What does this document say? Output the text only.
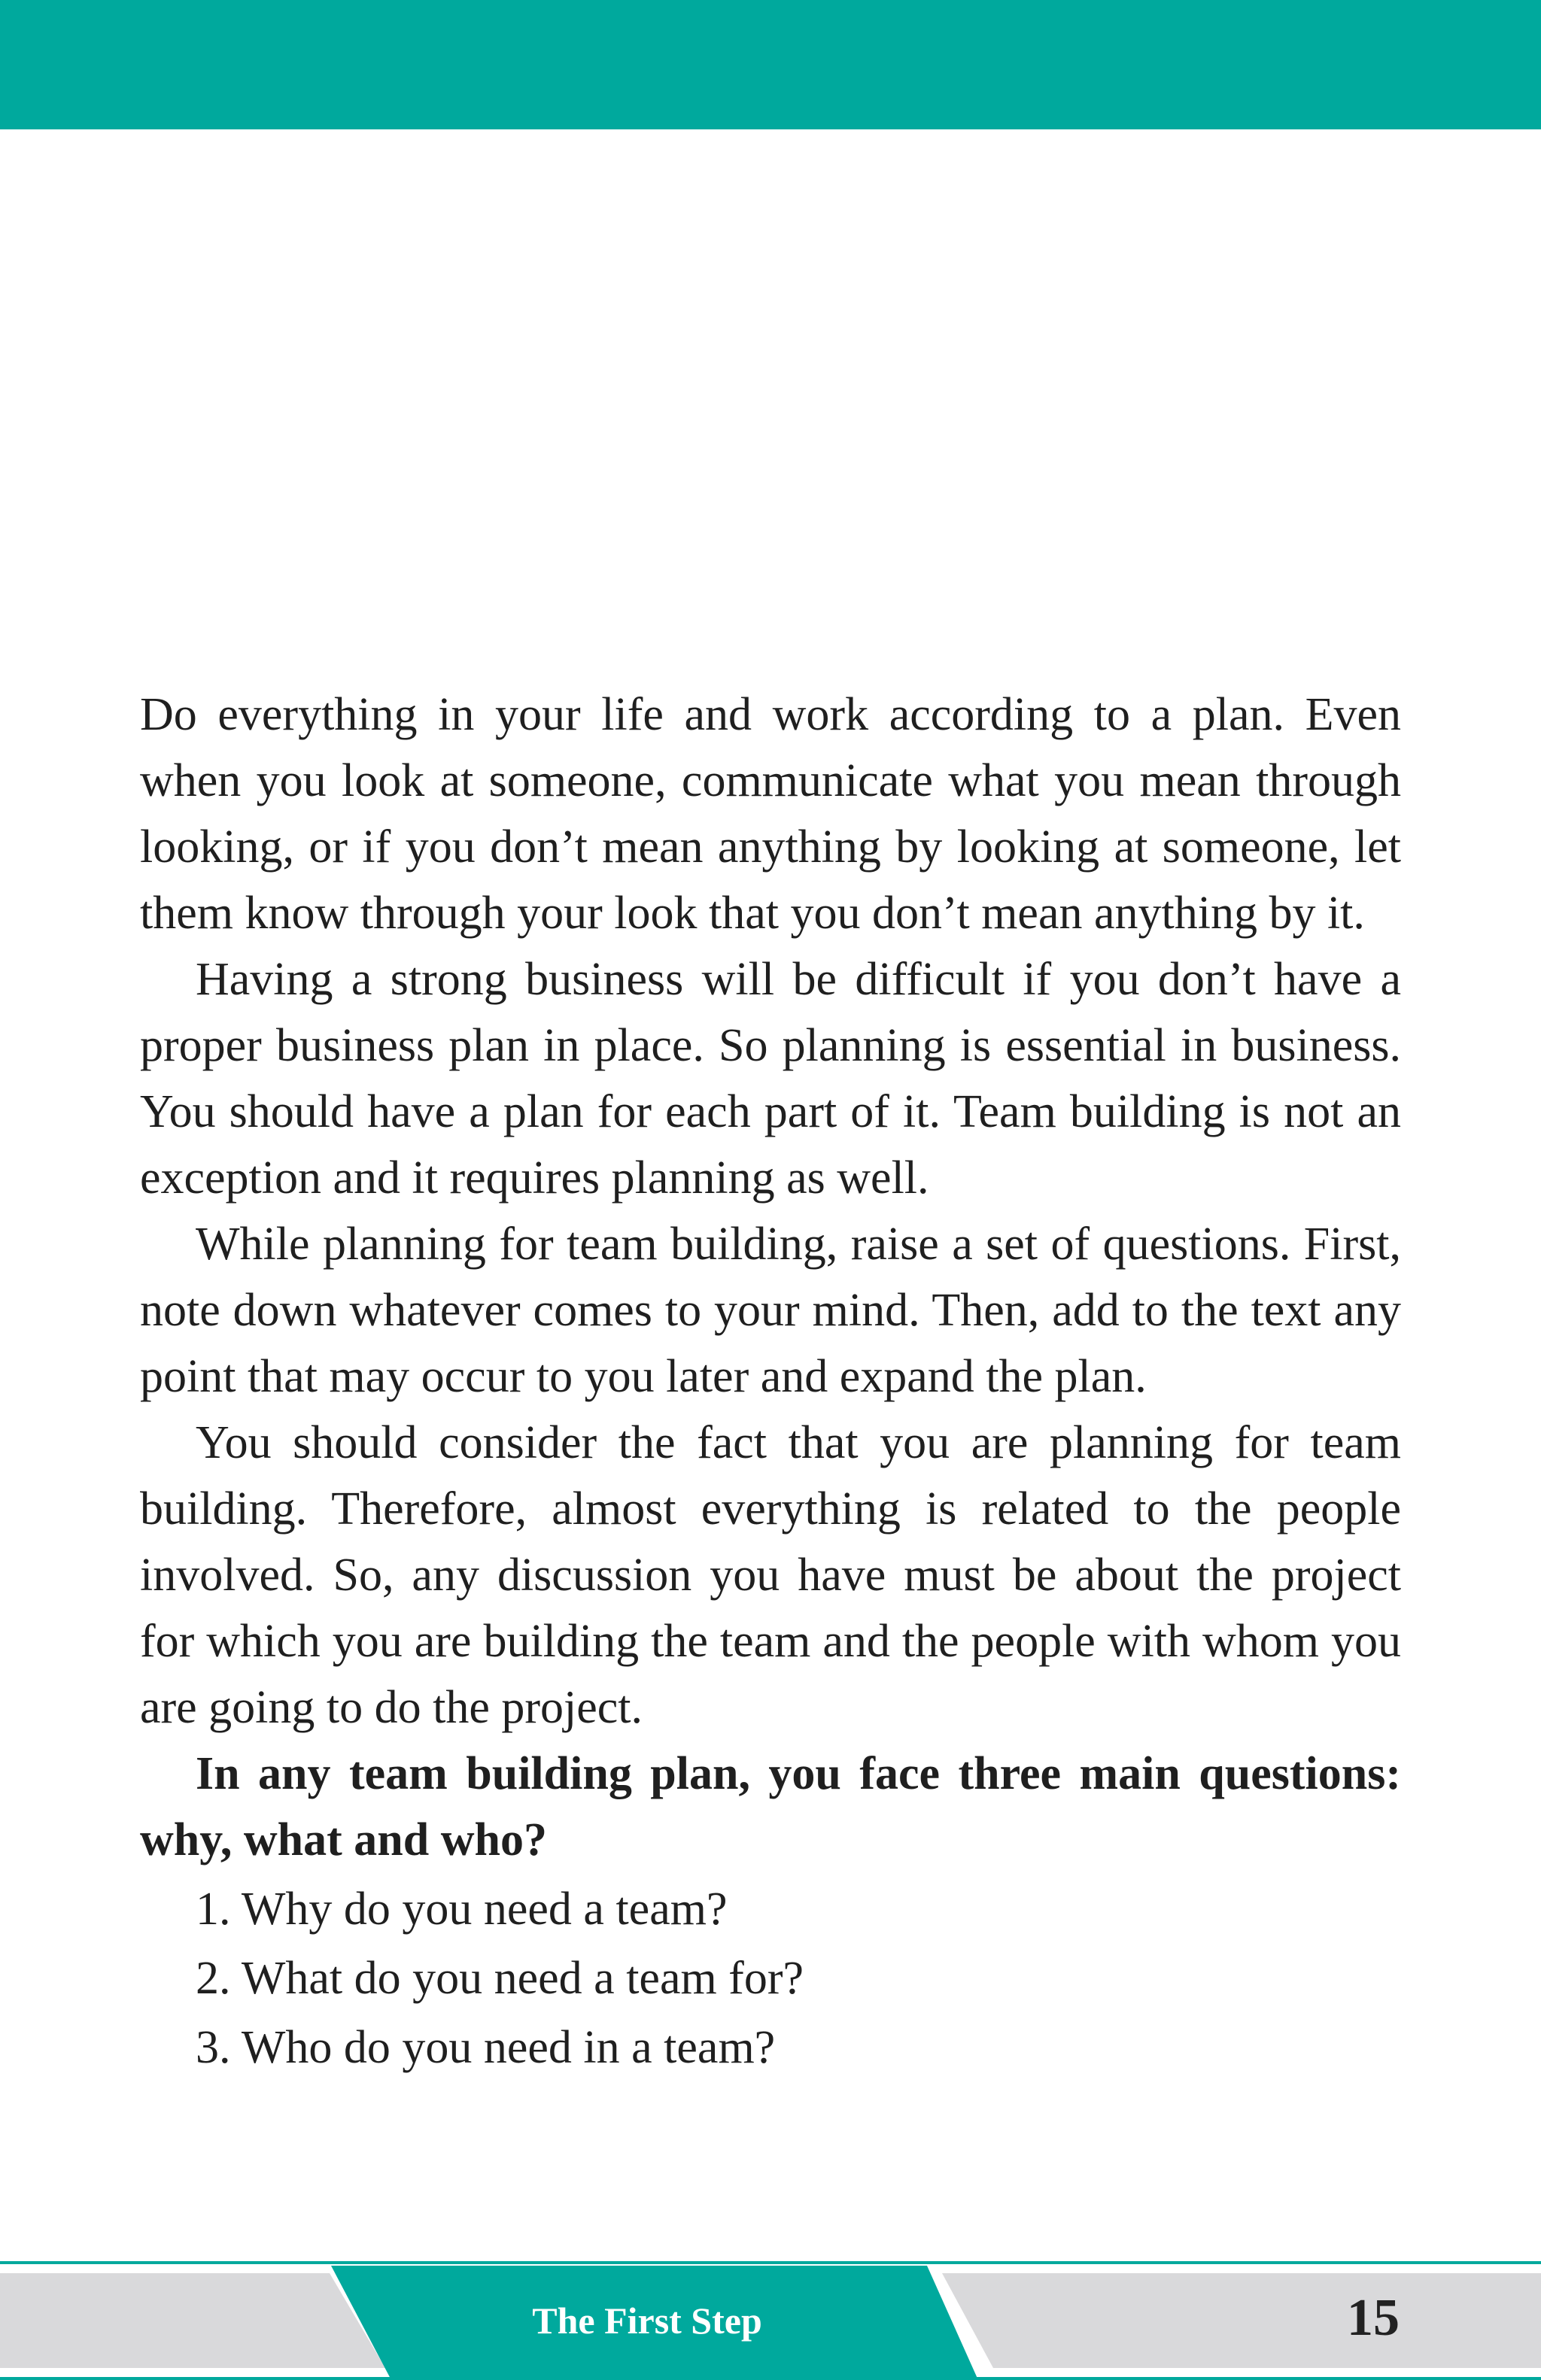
Do everything in your life and work according to a plan. Even when you look at someone, communicate what you mean through looking, or if you don’t mean anything by looking at someone, let them know through your look that you don’t mean anything by it.

Having a strong business will be difficult if you don’t have a proper business plan in place. So planning is essential in business. You should have a plan for each part of it. Team building is not an exception and it requires planning as well.

While planning for team building, raise a set of questions. First, note down whatever comes to your mind. Then, add to the text any point that may occur to you later and expand the plan.

You should consider the fact that you are planning for team building. Therefore, almost everything is related to the people involved. So, any discussion you have must be about the project for which you are building the team and the people with whom you are going to do the project.

In any team building plan, you face three main questions: why, what and who?

1. Why do you need a team?

2. What do you need a team for?

3. Who do you need in a team?

The First Step	15
